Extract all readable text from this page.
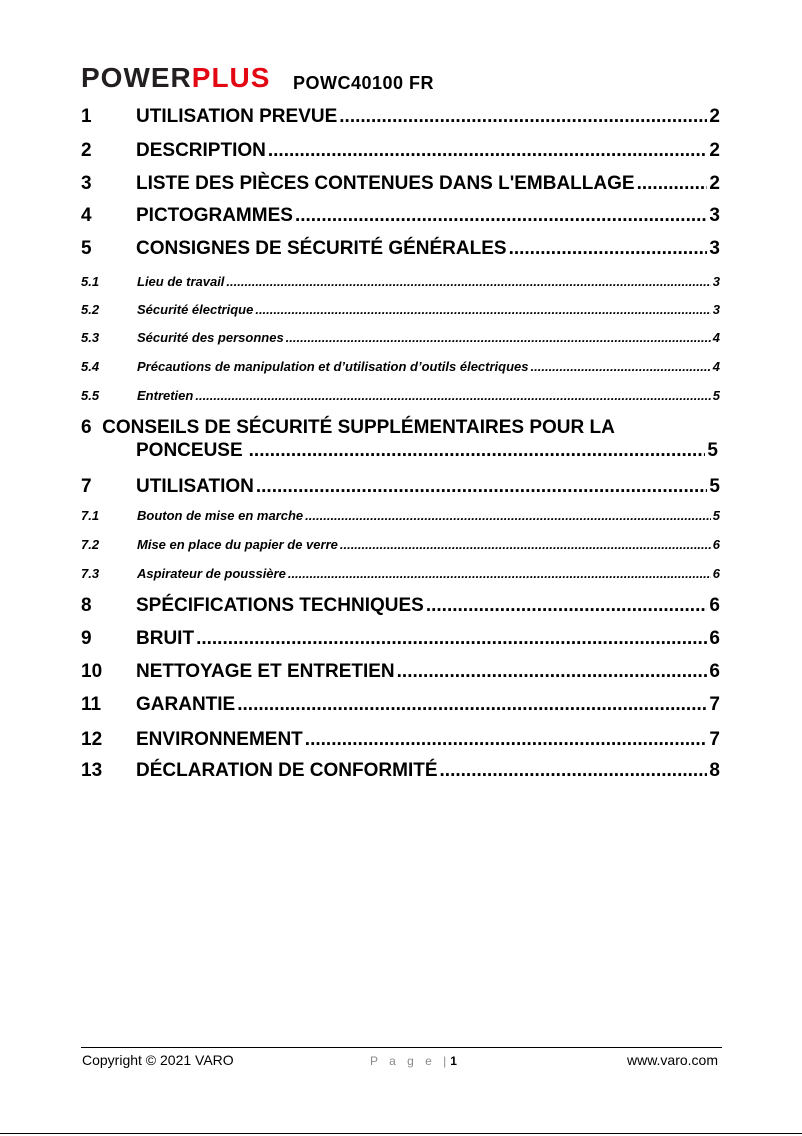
POWERPLUS POWC40100 FR
1	UTILISATION PREVUE .....	2
2	DESCRIPTION .....	2
3	LISTE DES PIÈCES CONTENUES DANS L'EMBALLAGE .....	2
4	PICTOGRAMMES .....	3
5	CONSIGNES DE SÉCURITÉ GÉNÉRALES .....	3
5.1	Lieu de travail .....	3
5.2	Sécurité électrique .....	3
5.3	Sécurité des personnes .....	4
5.4	Précautions de manipulation et d’utilisation d’outils électriques .....	4
5.5	Entretien .....	5
6 CONSEILS DE SÉCURITÉ SUPPLÉMENTAIRES POUR LA
PONCEUSE .....	5
7	UTILISATION .....	5
7.1	Bouton de mise en marche .....	5
7.2	Mise en place du papier de verre .....	6
7.3	Aspirateur de poussière .....	6
8	SPÉCIFICATIONS TECHNIQUES .....	6
9	BRUIT .....	6
10	NETTOYAGE ET ENTRETIEN .....	6
11	GARANTIE .....	7
12	ENVIRONNEMENT .....	7
13	DÉCLARATION DE CONFORMITÉ .....	8
Copyright © 2021 VARO	P a g e |1	www.varo.com
